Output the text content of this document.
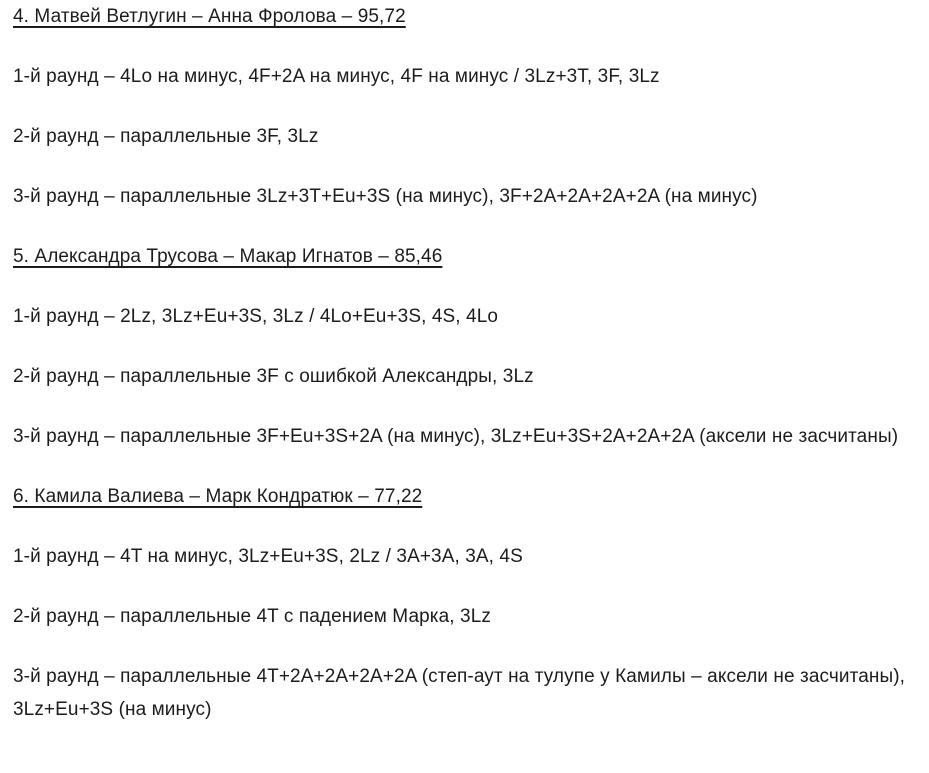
4. Матвей Ветлугин – Анна Фролова – 95,72

1-й раунд – 4Lo на минус, 4F+2A на минус, 4F на минус / 3Lz+3T, 3F, 3Lz

2-й раунд – параллельные 3F, 3Lz

3-й раунд – параллельные 3Lz+3T+Eu+3S (на минус), 3F+2A+2A+2A+2A (на минус)

5. Александра Трусова – Макар Игнатов – 85,46

1-й раунд – 2Lz, 3Lz+Eu+3S, 3Lz / 4Lo+Eu+3S, 4S, 4Lo

2-й раунд – параллельные 3F с ошибкой Александры, 3Lz

3-й раунд – параллельные 3F+Eu+3S+2A (на минус), 3Lz+Eu+3S+2A+2A+2A (аксели не засчитаны)

6. Камила Валиева – Марк Кондратюк – 77,22

1-й раунд – 4T на минус, 3Lz+Eu+3S, 2Lz / 3A+3A, 3A, 4S

2-й раунд – параллельные 4T с падением Марка, 3Lz

3-й раунд – параллельные 4T+2A+2A+2A+2A (степ-аут на тулупе у Камилы – аксели не засчитаны), 3Lz+Eu+3S (на минус)
